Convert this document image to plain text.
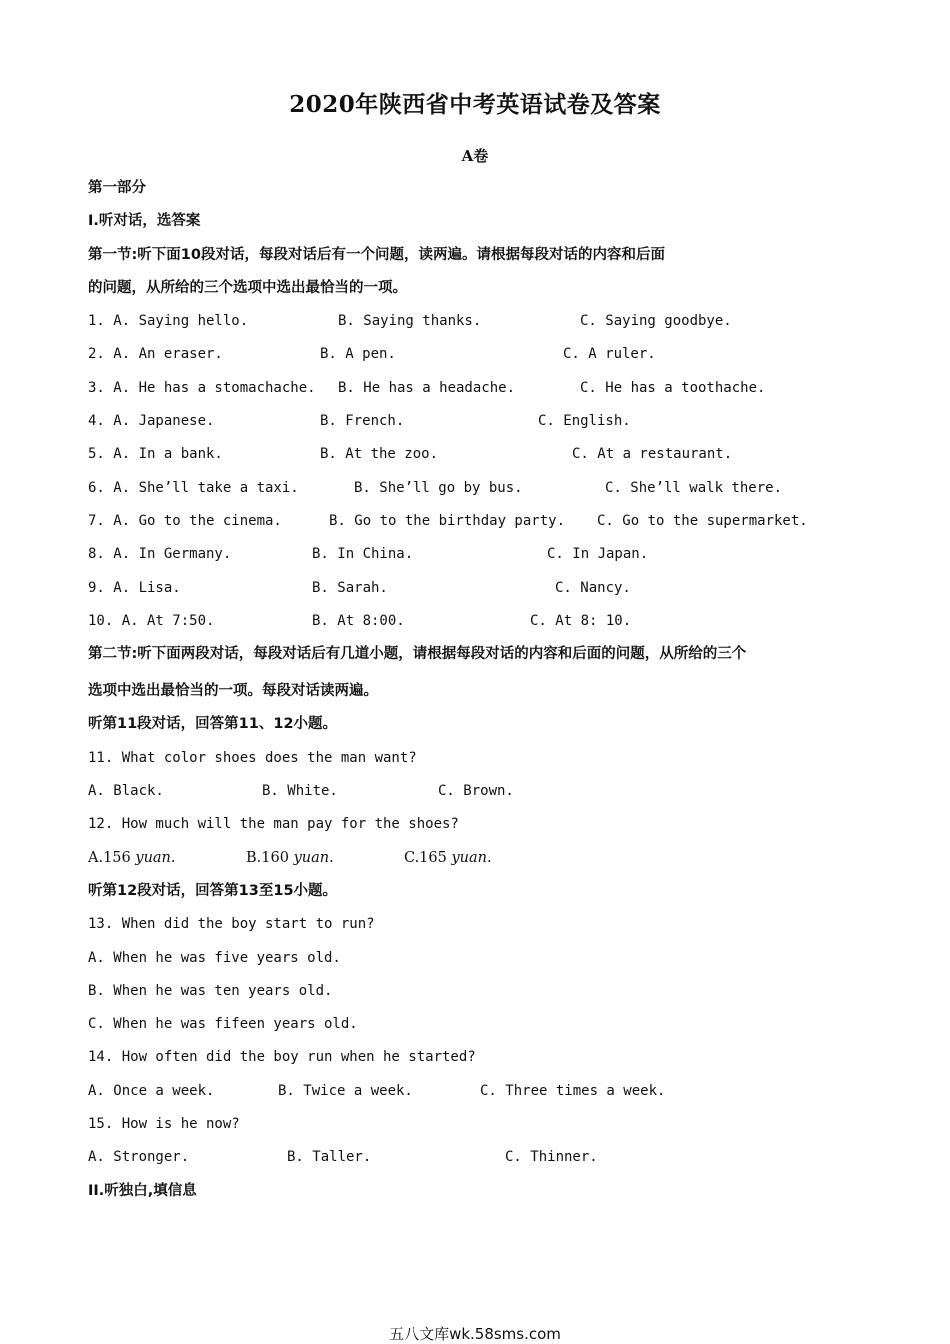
2020年陕西省中考英语试卷及答案
A卷
第一部分
I.听对话，选答案
第一节:听下面10段对话，每段对话后有一个问题，读两遍。请根据每段对话的内容和后面
的问题，从所给的三个选项中选出最恰当的一项。
1. A. Saying hello.	B. Saying thanks.	C. Saying goodbye.
2. A. An eraser.	B. A pen.	C. A ruler.
3. A. He has a stomachache. B. He has a headache.	C. He has a toothache.
4. A. Japanese.	B. French.	C. English.
5. A. In a bank.	B. At the zoo.	C. At a restaurant.
6. A. She’ll take a taxi.	B. She’ll go by bus.	C. She’ll walk there.
7. A. Go to the cinema.	B. Go to the birthday party. C. Go to the supermarket.
8. A. In Germany.	B. In China.	C. In Japan.
9. A. Lisa.	B. Sarah.	C. Nancy.
10. A. At 7:50.	B. At 8:00.	C. At 8: 10.
第二节:听下面两段对话，每段对话后有几道小题，请根据每段对话的内容和后面的问题，从所给的三个
选项中选出最恰当的一项。每段对话读两遍。
听第11段对话，回答第11、12小题。
11. What color shoes does the man want?
A. Black.	B. White.	C. Brown.
12. How much will the man pay for the shoes?
A.156 yuan.	B.160 yuan.	C.165 yuan.
听第12段对话，回答第13至15小题。
13. When did the boy start to run?
A. When he was five years old.
B. When he was ten years old.
C. When he was fifeen years old.
14. How often did the boy run when he started?
A. Once a week.	B. Twice a week.	C. Three times a week.
15. How is he now?
A. Stronger.	B. Taller.	C. Thinner.
II.听独白,填信息
五八文库wk.58sms.com
